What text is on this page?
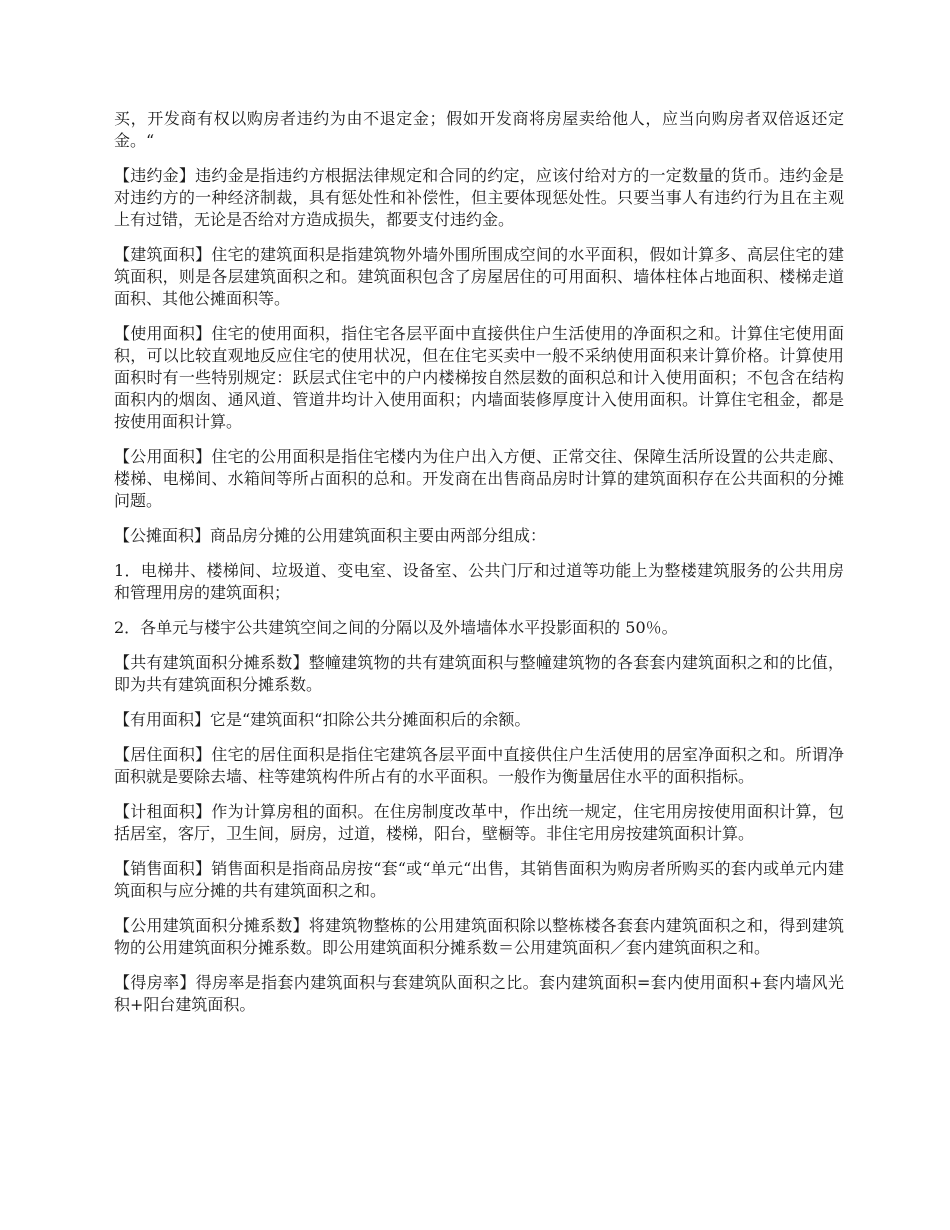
买，开发商有权以购房者违约为由不退定金；假如开发商将房屋卖给他人，应当向购房者双倍返还定金。“

【违约金】违约金是指违约方根据法律规定和合同的约定，应该付给对方的一定数量的货币。违约金是对违约方的一种经济制裁，具有惩处性和补偿性，但主要体现惩处性。只要当事人有违约行为且在主观上有过错，无论是否给对方造成损失，都要支付违约金。

【建筑面积】住宅的建筑面积是指建筑物外墙外围所围成空间的水平面积，假如计算多、高层住宅的建筑面积，则是各层建筑面积之和。建筑面积包含了房屋居住的可用面积、墙体柱体占地面积、楼梯走道面积、其他公摊面积等。

【使用面积】住宅的使用面积，指住宅各层平面中直接供住户生活使用的净面积之和。计算住宅使用面积，可以比较直观地反应住宅的使用状况，但在住宅买卖中一般不采纳使用面积来计算价格。计算使用面积时有一些特别规定：跃层式住宅中的户内楼梯按自然层数的面积总和计入使用面积；不包含在结构面积内的烟囱、通风道、管道井均计入使用面积；内墙面装修厚度计入使用面积。计算住宅租金，都是按使用面积计算。

【公用面积】住宅的公用面积是指住宅楼内为住户出入方便、正常交往、保障生活所设置的公共走廊、楼梯、电梯间、水箱间等所占面积的总和。开发商在出售商品房时计算的建筑面积存在公共面积的分摊问题。

【公摊面积】商品房分摊的公用建筑面积主要由两部分组成：

1．电梯井、楼梯间、垃圾道、变电室、设备室、公共门厅和过道等功能上为整楼建筑服务的公共用房和管理用房的建筑面积；

2．各单元与楼宇公共建筑空间之间的分隔以及外墙墙体水平投影面积的 50％。

【共有建筑面积分摊系数】整幢建筑物的共有建筑面积与整幢建筑物的各套套内建筑面积之和的比值，即为共有建筑面积分摊系数。

【有用面积】它是“建筑面积“扣除公共分摊面积后的余额。

【居住面积】住宅的居住面积是指住宅建筑各层平面中直接供住户生活使用的居室净面积之和。所谓净面积就是要除去墙、柱等建筑构件所占有的水平面积。一般作为衡量居住水平的面积指标。

【计租面积】作为计算房租的面积。在住房制度改革中，作出统一规定，住宅用房按使用面积计算，包括居室，客厅，卫生间，厨房，过道，楼梯，阳台，壁橱等。非住宅用房按建筑面积计算。

【销售面积】销售面积是指商品房按“套“或“单元“出售，其销售面积为购房者所购买的套内或单元内建筑面积与应分摊的共有建筑面积之和。

【公用建筑面积分摊系数】将建筑物整栋的公用建筑面积除以整栋楼各套套内建筑面积之和，得到建筑物的公用建筑面积分摊系数。即公用建筑面积分摊系数＝公用建筑面积／套内建筑面积之和。

【得房率】得房率是指套内建筑面积与套建筑队面积之比。套内建筑面积=套内使用面积+套内墙风光积+阳台建筑面积。
